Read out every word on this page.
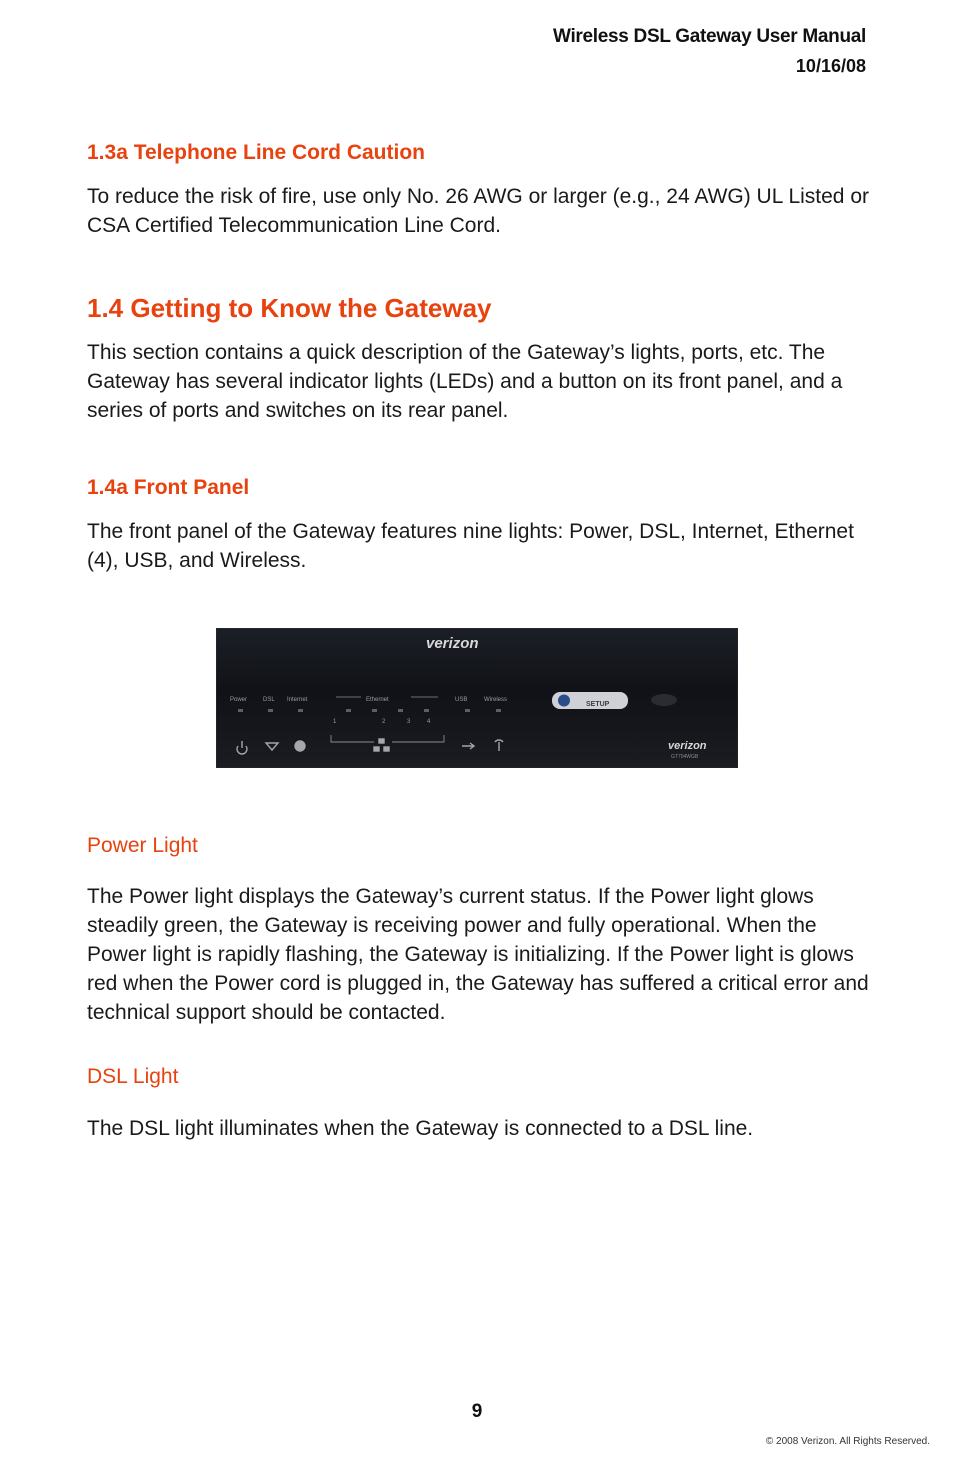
Wireless DSL Gateway User Manual
10/16/08
1.3a Telephone Line Cord Caution

To reduce the risk of fire, use only No. 26 AWG or larger (e.g., 24 AWG) UL Listed or CSA Certified Telecommunication Line Cord.

1.4 Getting to Know the Gateway

This section contains a quick description of the Gateway’s lights, ports, etc. The Gateway has several indicator lights (LEDs) and a button on its front panel, and a series of ports and switches on its rear panel.

1.4a Front Panel

The front panel of the Gateway features nine lights: Power, DSL, Internet, Ethernet (4), USB, and Wireless.

verizon
Power	DSL Internet	Ethernet	USB	Wireless
1	2	3	4
SETUP
verizon
GT704WGB
Power Light

The Power light displays the Gateway’s current status. If the Power light glows steadily green, the Gateway is receiving power and fully operational. When the Power light is rapidly flashing, the Gateway is initializing. If the Power light is glows red when the Power cord is plugged in, the Gateway has suffered a critical error and technical support should be contacted.

DSL Light

The DSL light illuminates when the Gateway is connected to a DSL line.

9
© 2008 Verizon. All Rights Reserved.
